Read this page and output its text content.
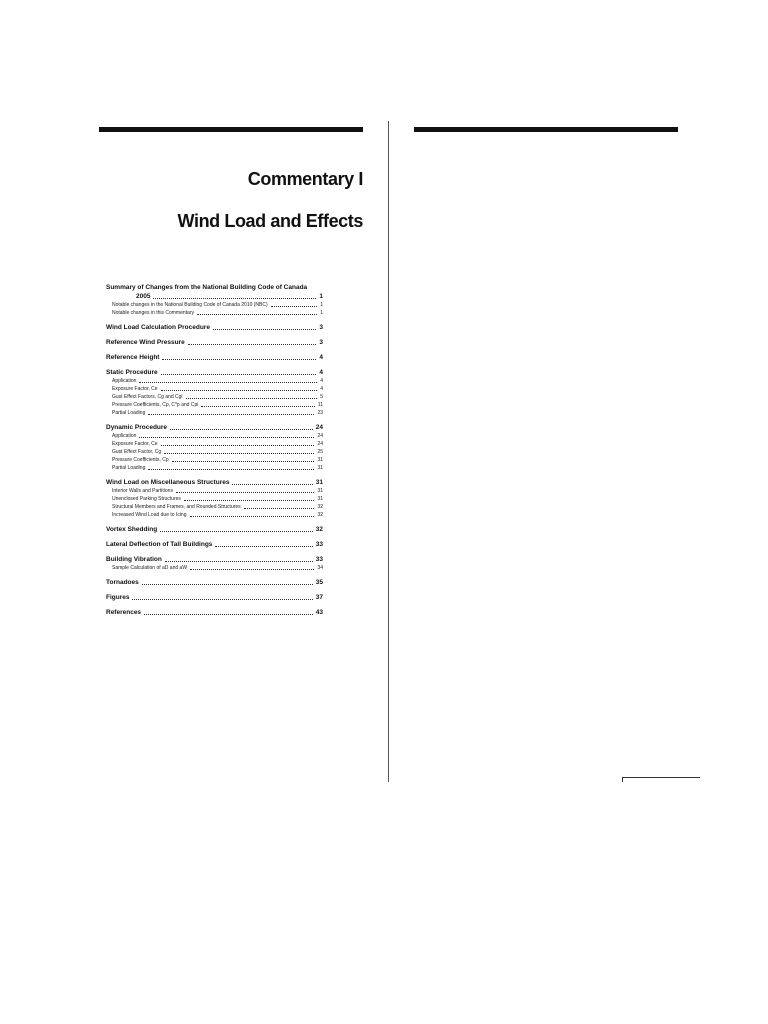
Commentary I

Wind Load and Effects

Summary of Changes from the National Building Code of Canada
2005	1
Notable changes in the National Building Code of Canada 2010 (NBC)	1
Notable changes in this Commentary	1
Wind Load Calculation Procedure	3
Reference Wind Pressure	3
Reference Height	4
Static Procedure	4
Application	4
Exposure Factor, Ce	4
Gust Effect Factors, Cg and Cgi	5
Pressure Coefficients, Cp, C*p and Cpi	11
Partial Loading	23
Dynamic Procedure	24
Application	24
Exposure Factor, Ce	24
Gust Effect Factor, Cg	25
Pressure Coefficients, Cp	31
Partial Loading	31
Wind Load on Miscellaneous Structures	31
Interior Walls and Partitions	31
Unenclosed Parking Structures	31
Structural Members and Frames, and Rounded Structures	32
Increased Wind Load due to Icing	32
Vortex Shedding	32
Lateral Deflection of Tall Buildings	33
Building Vibration	33
Sample Calculation of aD and aW	34
Tornadoes	35
Figures	37
References	43
